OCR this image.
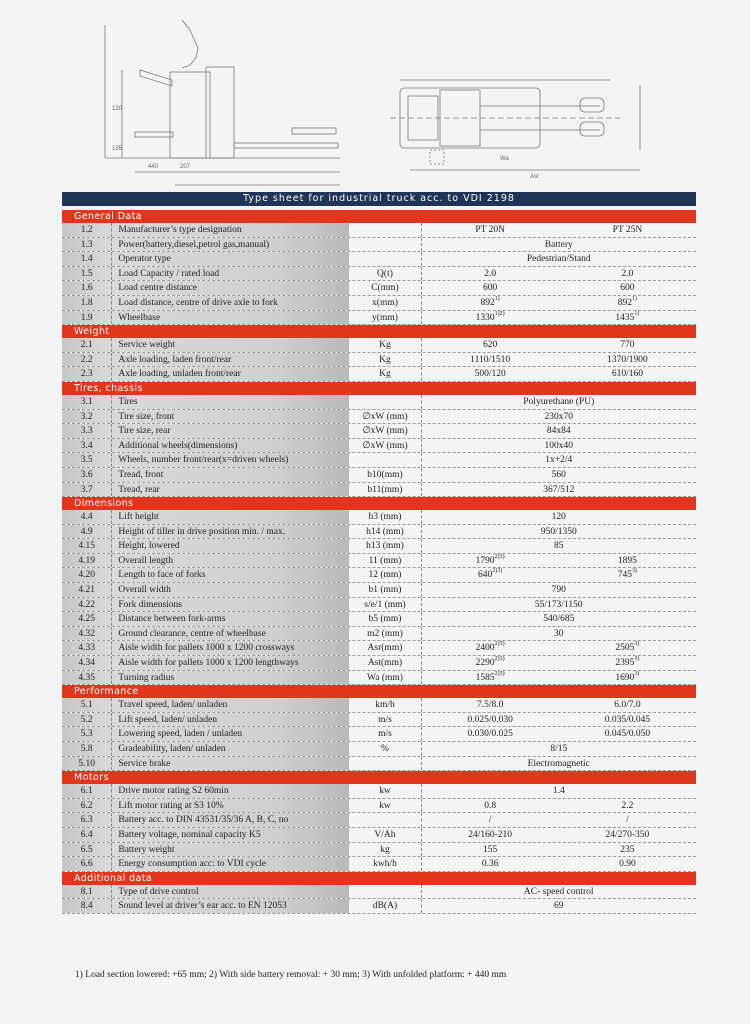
440	207
120
135
Wa
Ast
Type sheet for industrial truck acc. to VDI 2198
General Data
1.2	Manufacturer’s type designation	PT 20N	PT 25N
1.3	Power(battery,diesel,petrol gas,manual)	Battery
1.4	Operator type	Pedestrian/Stand
1.5	Load Capacity / rated load	Q(t)	2.0	2.0
1.6	Load centre distance	C(mm)	600	600
1.8	Load distance, centre of drive axle to fork	x(mm)	892$^{1)}$	892$^{1)}$
1.9	Wheelbase	y(mm)	$1330^{1)2)}$	1435$^{1)}$
Weight
2.1	Service weight	Kg	620	770
2.2	Axle loading, laden front/rear	Kg	1110/1510	1370/1900
2.3	Axle loading, unladen front/rear	Kg	500/120	610/160
Tires, chassis
3.1	Tires	Polyurethane (PU)
3.2	Tire size, front	∅xW (mm)	230x70
3.3	Tire size, rear	∅xW (mm)	84x84
3.4	Additional wheels(dimensions)	∅xW (mm)	100x40
3.5	Wheels, number front/rear(x=driven wheels)	1x+2/4
3.6	Tread, front	b10(mm)	560
3.7	Tread, rear	b11(mm)	367/512
Dimensions
4.4	Lift height	h3 (mm)	120
4.9	Height of tiller in drive position min. / max.	h14 (mm)	950/1350
4.15	Height, lowered	h13 (mm)	85
4.19	Overall length	11 (mm)	$1790^{2)3)}$	1895
4.20	Length to face of forks	12 (mm)	$640^{2)3)}$	745$^{3)}$
4.21	Overall width	b1 (mm)	790
4.22	Fork dimensions	s/e/1 (mm)	55/173/1150
4.25	Distance between fork-arms	b5 (mm)	540/685
4.32	Ground clearance, centre of wheelbase	m2 (mm)	30
4.33	Aisle width for pallets 1000 x 1200 crossways	Asr(mm)	$2400^{2)3)}$	2505$^{3)}$
4.34	Aisle width for pallets 1000 x 1200 lengthways	Ast(mm)	$2290^{2)3)}$	2395$^{3)}$
4.35	Turning radius	Wa (mm)	$1585^{2)3)}$	1690$^{3)}$
Performance
5.1	Travel speed, laden/ unladen	km/h	7.5/8.0	6.0/7.0
5.2	Lift speed, laden/ unladen	m/s	0.025/0.030	0.035/0.045
5.3	Lowering speed, laden / unladen	m/s	0.030/0.025	0.045/0.050
5.8	Gradeability, laden/ unladen	%	8/15
5.10	Service brake	Electromagnetic
Motors
6.1	Drive motor rating S2 60min	kw	1.4
6.2	Lift motor rating at S3 10%	kw	0.8	2.2
6.3	Battery acc. to DIN 43531/35/36 A, B, C, no	/	/
6.4	Battery voltage, nominal capacity K5	V/Ah	24/160-210	24/270-350
6.5	Battery weight	kg	155	235
6.6	Energy consumption acc: to VDI cycle	kwh/h	0.36	0.90
Additional data
8.1	Type of drive control	AC- speed control
8.4	Sound level at driver’s ear acc. to EN 12053	dB(A)	69
1) Load section lowered: +65 mm; 2) With side battery removal: + 30 mm; 3) With unfolded platform: + 440 mm
